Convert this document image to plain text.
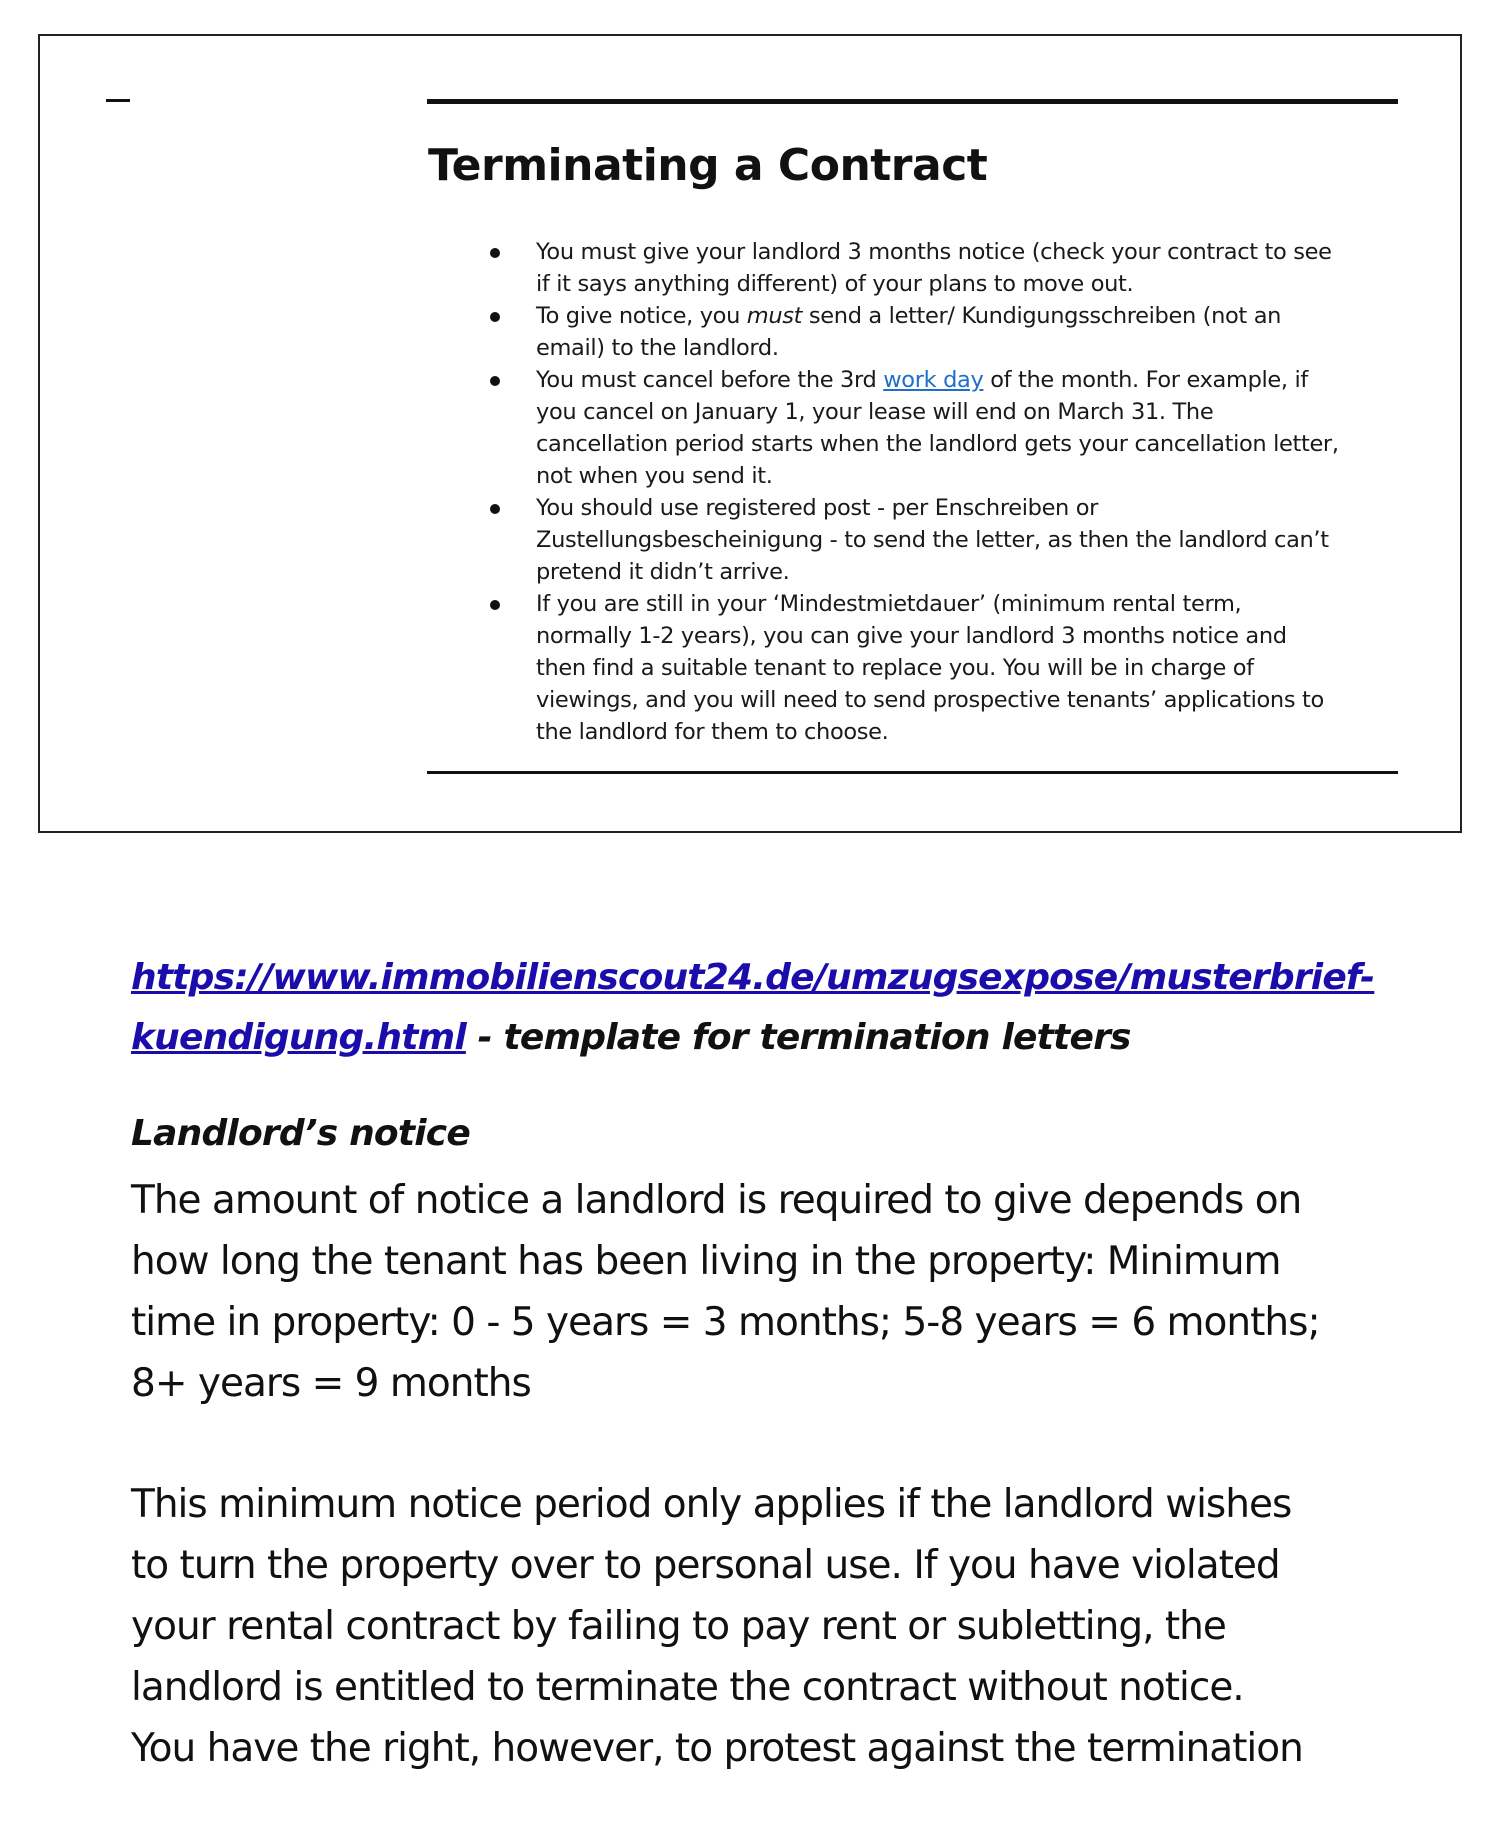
Terminating a Contract
You must give your landlord 3 months notice (check your contract to see
if it says anything different) of your plans to move out.
To give notice, you must send a letter/ Kundigungsschreiben (not an
email) to the landlord.
You must cancel before the 3rd work day of the month. For example, if
you cancel on January 1, your lease will end on March 31. The
cancellation period starts when the landlord gets your cancellation letter,
not when you send it.
You should use registered post - per Enschreiben or
Zustellungsbescheinigung - to send the letter, as then the landlord can’t
pretend it didn’t arrive.
If you are still in your ‘Mindestmietdauer’ (minimum rental term,
normally 1-2 years), you can give your landlord 3 months notice and
then find a suitable tenant to replace you. You will be in charge of
viewings, and you will need to send prospective tenants’ applications to
the landlord for them to choose.
https://www.immobilienscout24.de/umzugsexpose/musterbrief-
kuendigung.html - template for termination letters
Landlord’s notice

The amount of notice a landlord is required to give depends on
how long the tenant has been living in the property: Minimum
time in property: 0 - 5 years = 3 months; 5-8 years = 6 months;
8+ years = 9 months

This minimum notice period only applies if the landlord wishes
to turn the property over to personal use. If you have violated
your rental contract by failing to pay rent or subletting, the
landlord is entitled to terminate the contract without notice.
You have the right, however, to protest against the termination
